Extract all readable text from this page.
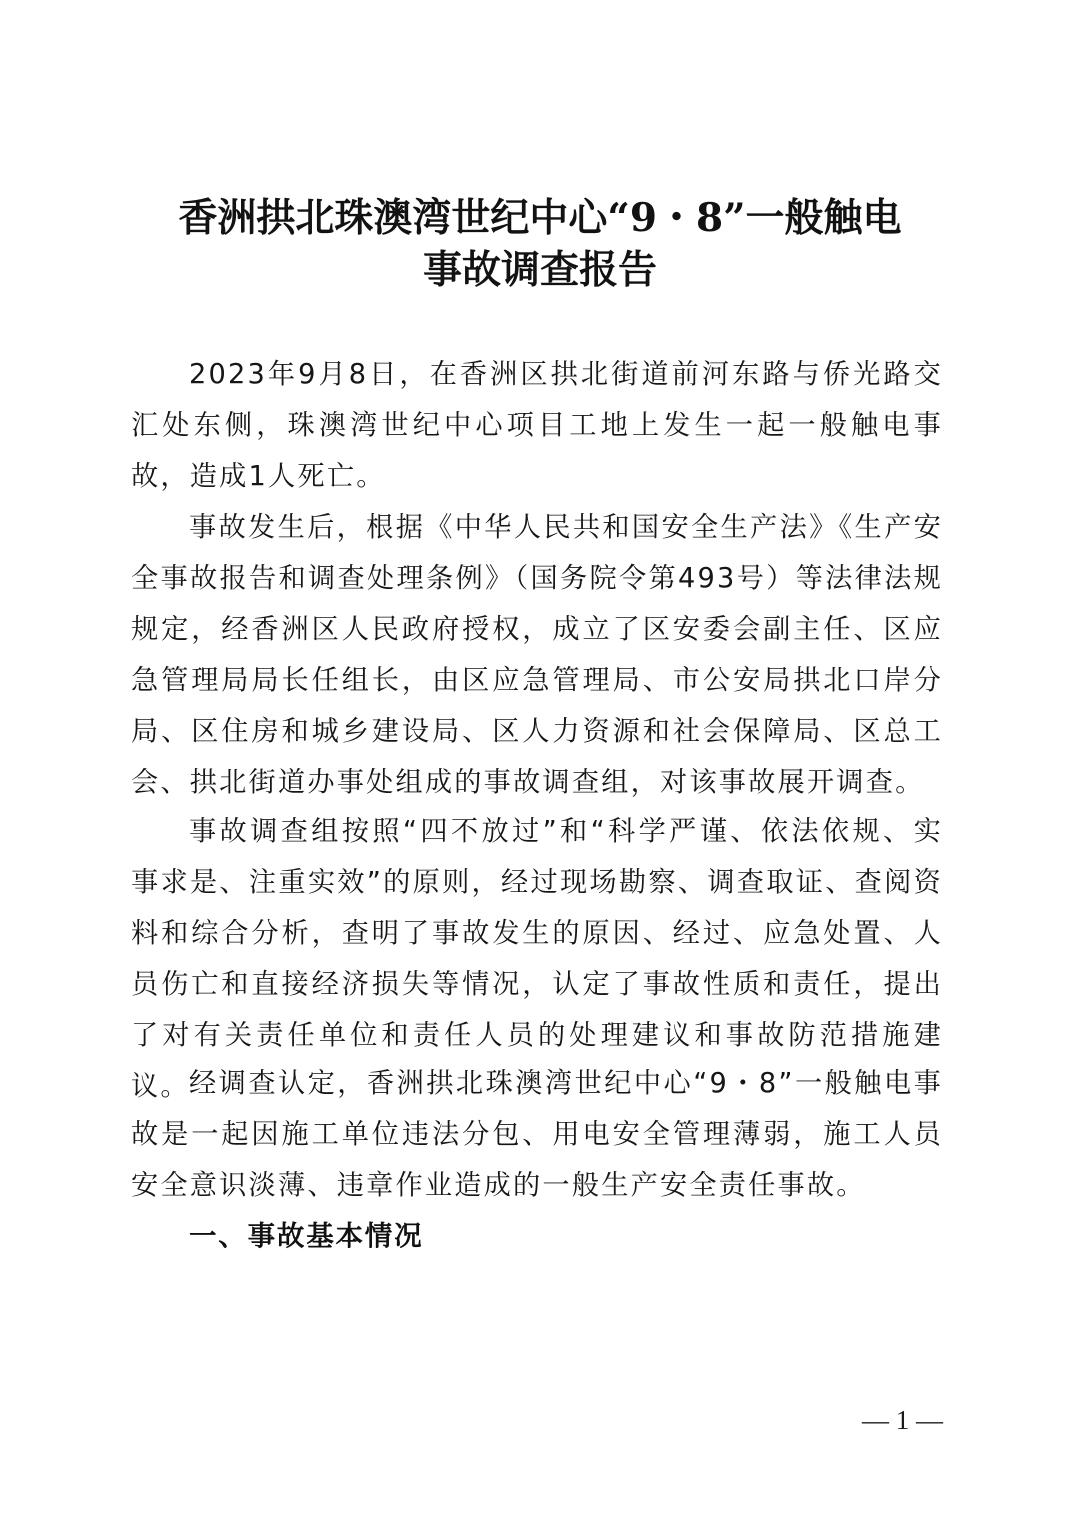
香洲拱北珠澳湾世纪中心“9・8”一般触电
事故调查报告

2023年9月8日，在香洲区拱北街道前河东路与侨光路交汇处东侧，珠澳湾世纪中心项目工地上发生一起一般触电事故，造成1人死亡。

事故发生后，根据《中华人民共和国安全生产法》《生产安全事故报告和调查处理条例》（国务院令第493号）等法律法规规定，经香洲区人民政府授权，成立了区安委会副主任、区应急管理局局长任组长，由区应急管理局、市公安局拱北口岸分局、区住房和城乡建设局、区人力资源和社会保障局、区总工会、拱北街道办事处组成的事故调查组，对该事故展开调查。

事故调查组按照“四不放过”和“科学严谨、依法依规、实事求是、注重实效”的原则，经过现场勘察、调查取证、查阅资料和综合分析，查明了事故发生的原因、经过、应急处置、人员伤亡和直接经济损失等情况，认定了事故性质和责任，提出了对有关责任单位和责任人员的处理建议和事故防范措施建议。 经调查认定，香洲拱北珠澳湾世纪中心“9・8”一般触电事故是一起因施工单位违法分包、用电安全管理薄弱，施工人员安全意识淡薄、违章作业造成的一般生产安全责任事故。

一、事故基本情况
— 1 —
